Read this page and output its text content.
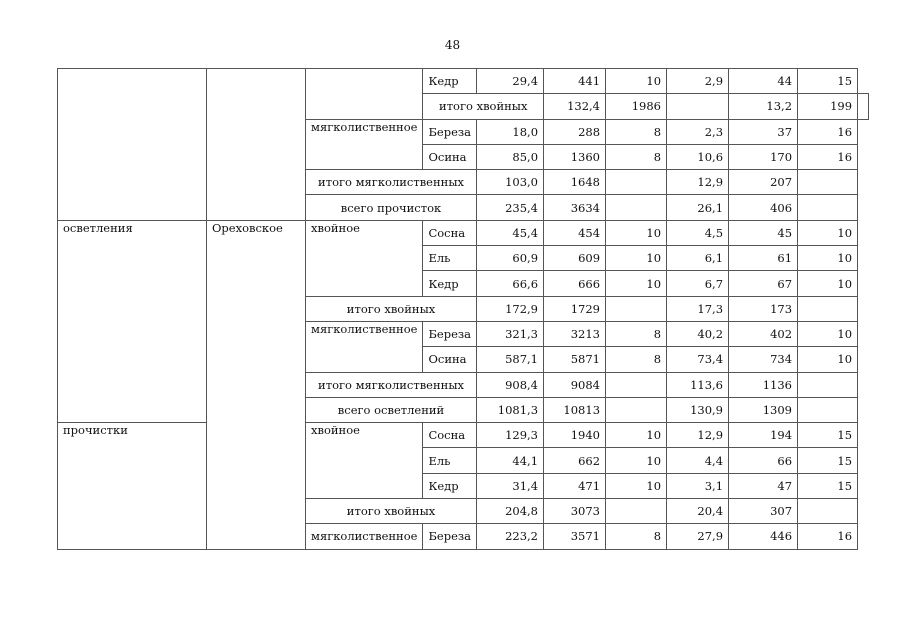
48
			Кедр	29,4	441	10	2,9	44	15	
			итого хвойных		132,4	1986		13,2	199	
		мягколиственное	Береза	18,0	288	8	2,3	37	16	
			Осина	85,0	1360	8	10,6	170	16	
		итого мягколиственных		103,0	1648		12,9	207		
		всего прочисток		235,4	3634		26,1	406		
осветления	Ореховское	хвойное	Сосна	45,4	454	10	4,5	45	10	
			Ель	60,9	609	10	6,1	61	10	
			Кедр	66,6	666	10	6,7	67	10	
		итого хвойных		172,9	1729		17,3	173		
		мягколиственное	Береза	321,3	3213	8	40,2	402	10	
			Осина	587,1	5871	8	73,4	734	10	
		итого мягколиственных		908,4	9084		113,6	1136		
		всего осветлений		1081,3	10813		130,9	1309		
прочистки		хвойное	Сосна	129,3	1940	10	12,9	194	15	
			Ель	44,1	662	10	4,4	66	15	
			Кедр	31,4	471	10	3,1	47	15	
		итого хвойных		204,8	3073		20,4	307		
		мягколиственное	Береза	223,2	3571	8	27,9	446	16	
